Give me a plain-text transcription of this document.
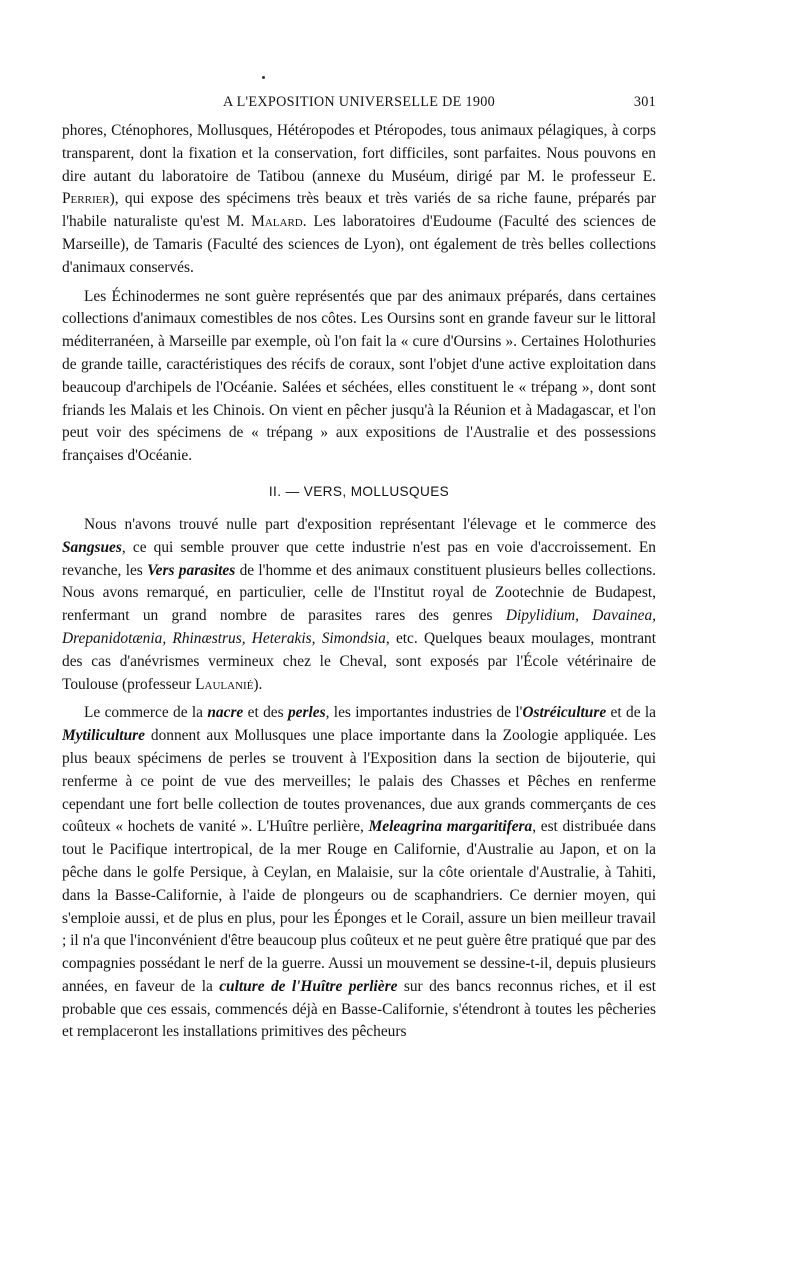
A L'EXPOSITION UNIVERSELLE DE 1900	301

phores, Cténophores, Mollusques, Hétéropodes et Ptéropodes, tous animaux pélagiques, à corps transparent, dont la fixation et la conservation, fort difficiles, sont parfaites. Nous pouvons en dire autant du laboratoire de Tatibou (annexe du Muséum, dirigé par M. le professeur E. Perrier), qui expose des spécimens très beaux et très variés de sa riche faune, préparés par l'habile naturaliste qu'est M. Malard. Les laboratoires d'Eudoume (Faculté des sciences de Marseille), de Tamaris (Faculté des sciences de Lyon), ont également de très belles collections d'animaux conservés.

Les Échinodermes ne sont guère représentés que par des animaux préparés, dans certaines collections d'animaux comestibles de nos côtes. Les Oursins sont en grande faveur sur le littoral méditerranéen, à Marseille par exemple, où l'on fait la « cure d'Oursins ». Certaines Holothuries de grande taille, caractéristiques des récifs de coraux, sont l'objet d'une active exploitation dans beaucoup d'archipels de l'Océanie. Salées et séchées, elles constituent le « trépang », dont sont friands les Malais et les Chinois. On vient en pêcher jusqu'à la Réunion et à Madagascar, et l'on peut voir des spécimens de « trépang » aux expositions de l'Australie et des possessions françaises d'Océanie.

II. — VERS, MOLLUSQUES

Nous n'avons trouvé nulle part d'exposition représentant l'élevage et le commerce des Sangsues, ce qui semble prouver que cette industrie n'est pas en voie d'accroissement. En revanche, les Vers parasites de l'homme et des animaux constituent plusieurs belles collections. Nous avons remarqué, en particulier, celle de l'Institut royal de Zootechnie de Budapest, renfermant un grand nombre de parasites rares des genres Dipylidium, Davainea, Drepanidotænia, Rhinæstrus, Heterakis, Simondsia, etc. Quelques beaux moulages, montrant des cas d'anévrismes vermineux chez le Cheval, sont exposés par l'École vétérinaire de Toulouse (professeur Laulanié).

Le commerce de la nacre et des perles, les importantes industries de l'Ostréiculture et de la Mytiliculture donnent aux Mollusques une place importante dans la Zoologie appliquée. Les plus beaux spécimens de perles se trouvent à l'Exposition dans la section de bijouterie, qui renferme à ce point de vue des merveilles; le palais des Chasses et Pêches en renferme cependant une fort belle collection de toutes provenances, due aux grands commerçants de ces coûteux « hochets de vanité ». L'Huître perlière, Meleagrina margaritifera, est distribuée dans tout le Pacifique intertropical, de la mer Rouge en Californie, d'Australie au Japon, et on la pêche dans le golfe Persique, à Ceylan, en Malaisie, sur la côte orientale d'Australie, à Tahiti, dans la Basse-Californie, à l'aide de plongeurs ou de scaphandriers. Ce dernier moyen, qui s'emploie aussi, et de plus en plus, pour les Éponges et le Corail, assure un bien meilleur travail ; il n'a que l'inconvénient d'être beaucoup plus coûteux et ne peut guère être pratiqué que par des compagnies possédant le nerf de la guerre. Aussi un mouvement se dessine-t-il, depuis plusieurs années, en faveur de la culture de l'Huître perlière sur des bancs reconnus riches, et il est probable que ces essais, commencés déjà en Basse-Californie, s'étendront à toutes les pêcheries et remplaceront les installations primitives des pêcheurs
